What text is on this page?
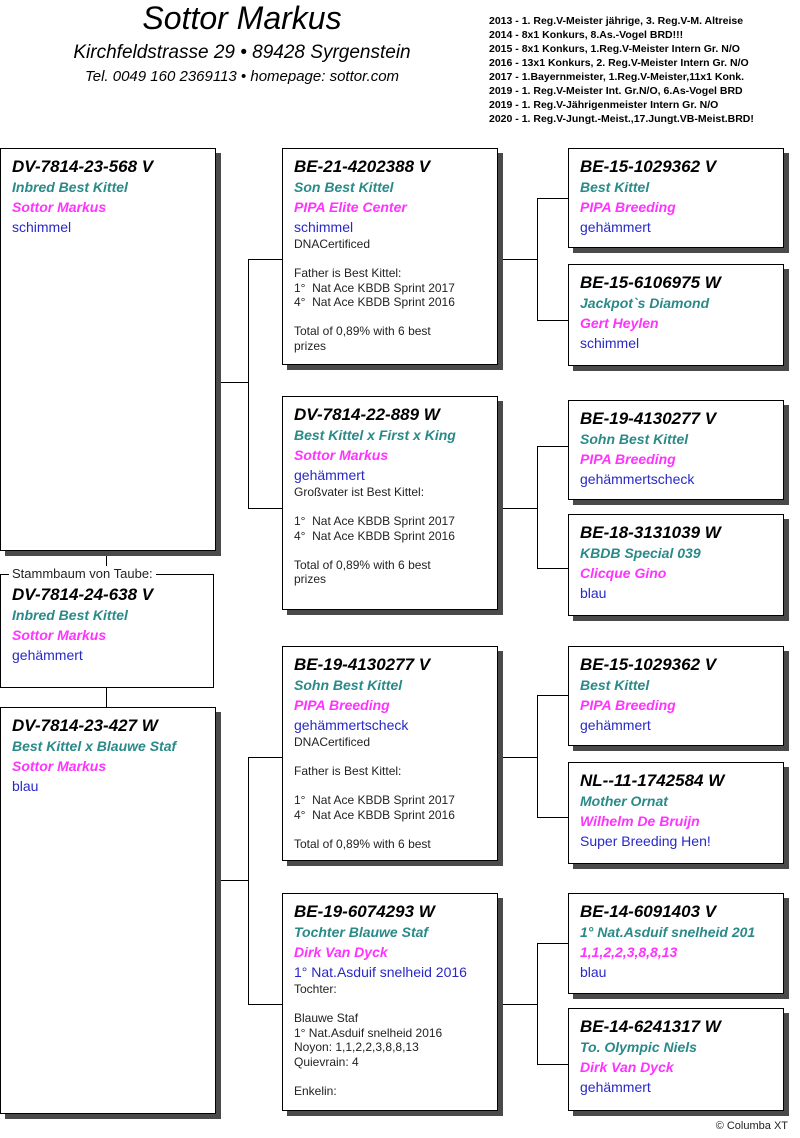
Sottor Markus
Kirchfeldstrasse 29 • 89428 Syrgenstein
Tel. 0049 160 2369113 • homepage: sottor.com
2013 - 1. Reg.V-Meister jährige, 3. Reg.V-M. Altreise
2014 - 8x1 Konkurs, 8.As.-Vogel BRD!!!
2015 - 8x1 Konkurs, 1.Reg.V-Meister Intern Gr. N/O
2016 - 13x1 Konkurs, 2. Reg.V-Meister Intern Gr. N/O
2017 - 1.Bayernmeister, 1.Reg.V-Meister,11x1 Konk.
2019 - 1. Reg.V-Meister Int. Gr.N/O, 6.As-Vogel BRD
2019 - 1. Reg.V-Jährigenmeister Intern Gr. N/O
2020 - 1. Reg.V-Jungt.-Meist.,17.Jungt.VB-Meist.BRD!
DV-7814-23-568 V
Inbred Best Kittel
Sottor Markus
schimmel
Stammbaum von Taube:
DV-7814-24-638 V
Inbred Best Kittel
Sottor Markus
gehämmert
DV-7814-23-427 W
Best Kittel x Blauwe Staf
Sottor Markus
blau
BE-21-4202388 V
Son Best Kittel
PIPA Elite Center
schimmel
DNACertificed

Father is Best Kittel:
1°  Nat Ace KBDB Sprint 2017
4°  Nat Ace KBDB Sprint 2016

Total of 0,89% with 6 best
prizes
DV-7814-22-889 W
Best Kittel x First x King
Sottor Markus
gehämmert
Großvater ist Best Kittel:

1°  Nat Ace KBDB Sprint 2017
4°  Nat Ace KBDB Sprint 2016

Total of 0,89% with 6 best
prizes
BE-19-4130277 V
Sohn Best Kittel
PIPA Breeding
gehämmertscheck
DNACertificed

Father is Best Kittel:

1°  Nat Ace KBDB Sprint 2017
4°  Nat Ace KBDB Sprint 2016

Total of 0,89% with 6 best
BE-19-6074293 W
Tochter Blauwe Staf
Dirk Van Dyck
1° Nat.Asduif snelheid 2016
Tochter:

Blauwe Staf
1° Nat.Asduif snelheid 2016
Noyon: 1,1,2,2,3,8,8,13
Quievrain: 4

Enkelin:
BE-15-1029362 V
Best Kittel
PIPA Breeding
gehämmert
BE-15-6106975 W
Jackpot`s Diamond
Gert Heylen
schimmel
BE-19-4130277 V
Sohn Best Kittel
PIPA Breeding
gehämmertscheck
BE-18-3131039 W
KBDB Special 039
Clicque Gino
blau
BE-15-1029362 V
Best Kittel
PIPA Breeding
gehämmert
NL--11-1742584 W
Mother Ornat
Wilhelm De Bruijn
Super Breeding Hen!
BE-14-6091403 V
1° Nat.Asduif snelheid 201
1,1,2,2,3,8,8,13
blau
BE-14-6241317 W
To. Olympic Niels
Dirk Van Dyck
gehämmert
© Columba XT
